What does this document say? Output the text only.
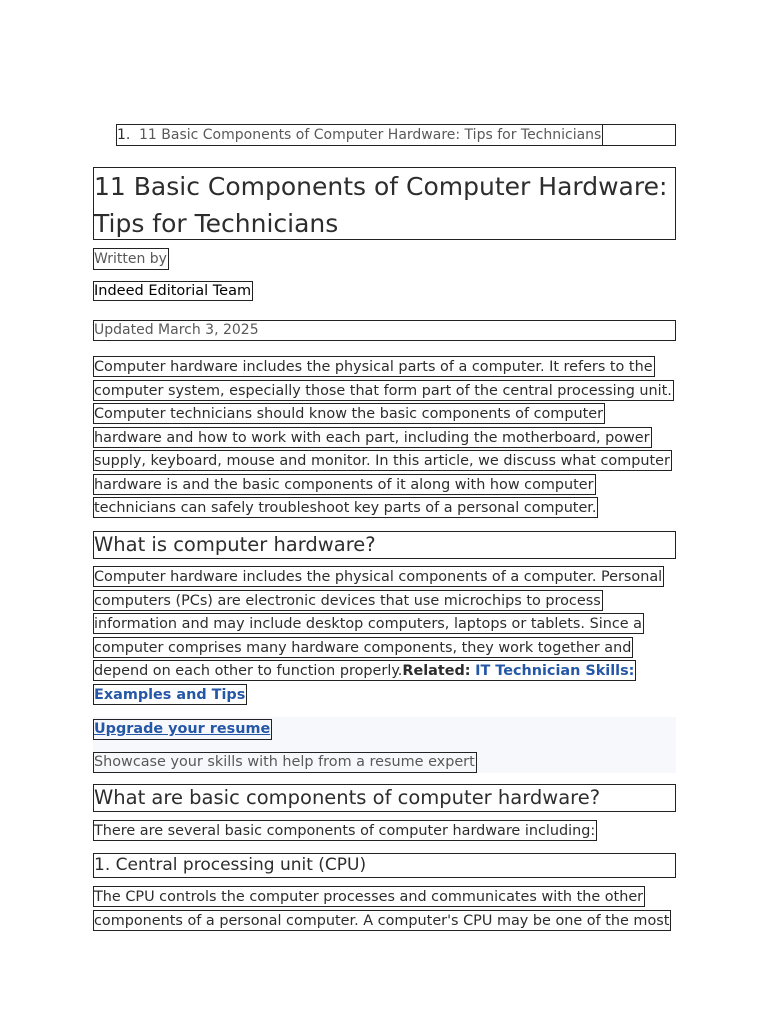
1. 11 Basic Components of Computer Hardware: Tips for Technicians
11 Basic Components of Computer Hardware:
Tips for Technicians
Written by
Indeed Editorial Team
Updated March 3, 2025
Computer hardware includes the physical parts of a computer. It refers to the
computer system, especially those that form part of the central processing unit.
Computer technicians should know the basic components of computer
hardware and how to work with each part, including the motherboard, power
supply, keyboard, mouse and monitor. In this article, we discuss what computer
hardware is and the basic components of it along with how computer
technicians can safely troubleshoot key parts of a personal computer.
What is computer hardware?
Computer hardware includes the physical components of a computer. Personal
computers (PCs) are electronic devices that use microchips to process
information and may include desktop computers, laptops or tablets. Since a
computer comprises many hardware components, they work together and
depend on each other to function properly.Related: IT Technician Skills:
Examples and Tips
Upgrade your resume
Showcase your skills with help from a resume expert
What are basic components of computer hardware?
There are several basic components of computer hardware including:
1. Central processing unit (CPU)
The CPU controls the computer processes and communicates with the other
components of a personal computer. A computer's CPU may be one of the most
